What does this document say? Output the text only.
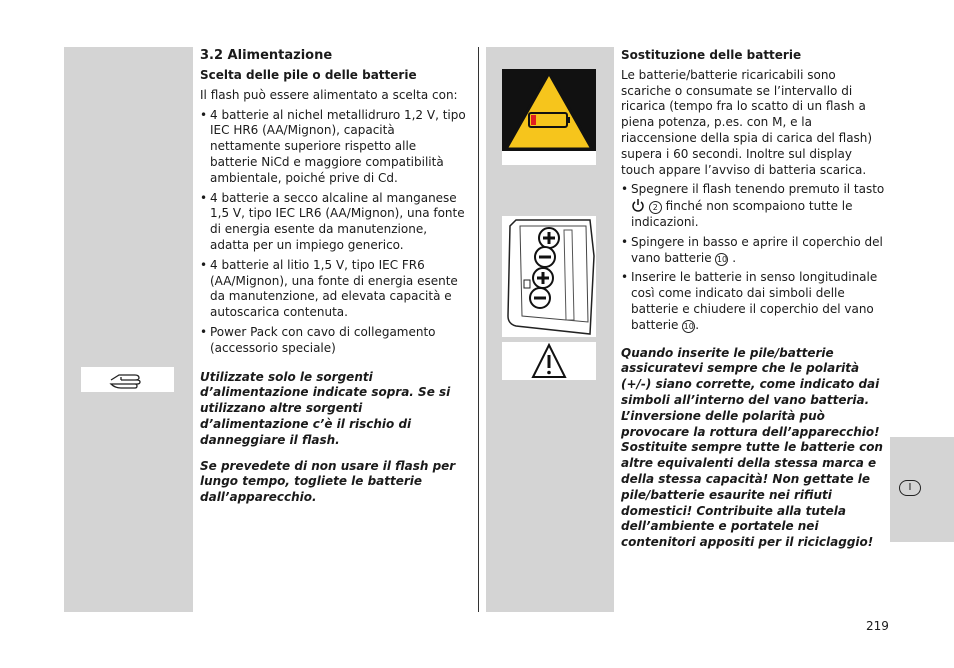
3.2 Alimentazione
Scelta delle pile o delle batterie

Il flash può essere alimentato a scelta con:

• 4 batterie al nichel metallidruro 1,2 V, tipo IEC HR6 (AA/Mignon), capacità nettamente superiore rispetto alle batterie NiCd e maggiore compatibilità ambientale, poiché prive di Cd.
• 4 batterie a secco alcaline al manganese 1,5 V, tipo IEC LR6 (AA/Mignon), una fonte di energia esente da manutenzione, adatta per un impiego generico.
• 4 batterie al litio 1,5 V, tipo IEC FR6 (AA/Mignon), una fonte di energia esente da manutenzione, ad elevata capacità e autoscarica contenuta.
• Power Pack con cavo di collegamento (accessorio speciale)

Utilizzate solo le sorgenti d’alimentazione indicate sopra. Se si utilizzano altre sorgenti d’alimentazione c’è il rischio di danneggiare il flash.

Se prevedete di non usare il flash per lungo tempo, togliete le batterie dall’apparecchio.

Sostituzione delle batterie

Le batterie/batterie ricaricabili sono scariche o consumate se l’intervallo di ricarica (tempo fra lo scatto di un flash a piena potenza, p.es. con M, e la riaccensione della spia di carica del flash) supera i 60 secondi. Inoltre sul display touch appare l’avviso di batteria scarica.

• Spegnere il flash tenendo premuto il tasto  2 finché non scompaiono tutte le indicazioni.
• Spingere in basso e aprire il coperchio del vano batterie 10 .
• Inserire le batterie in senso longitudinale così come indicato dai simboli delle batterie e chiudere il coperchio del vano batterie 10.

Quando inserite le pile/batterie assicuratevi sempre che le polarità (+/-) siano corrette, come indicato dai simboli all’interno del vano batteria. L’inversione delle polarità può provocare la rottura dell’apparecchio! Sostituite sempre tutte le batterie con altre equivalenti della stessa marca e della stessa capacità! Non gettate le pile/batterie esaurite nei rifiuti domestici! Contribuite alla tutela dell’ambiente e portatele nei contenitori appositi per il riciclaggio!

I
219
